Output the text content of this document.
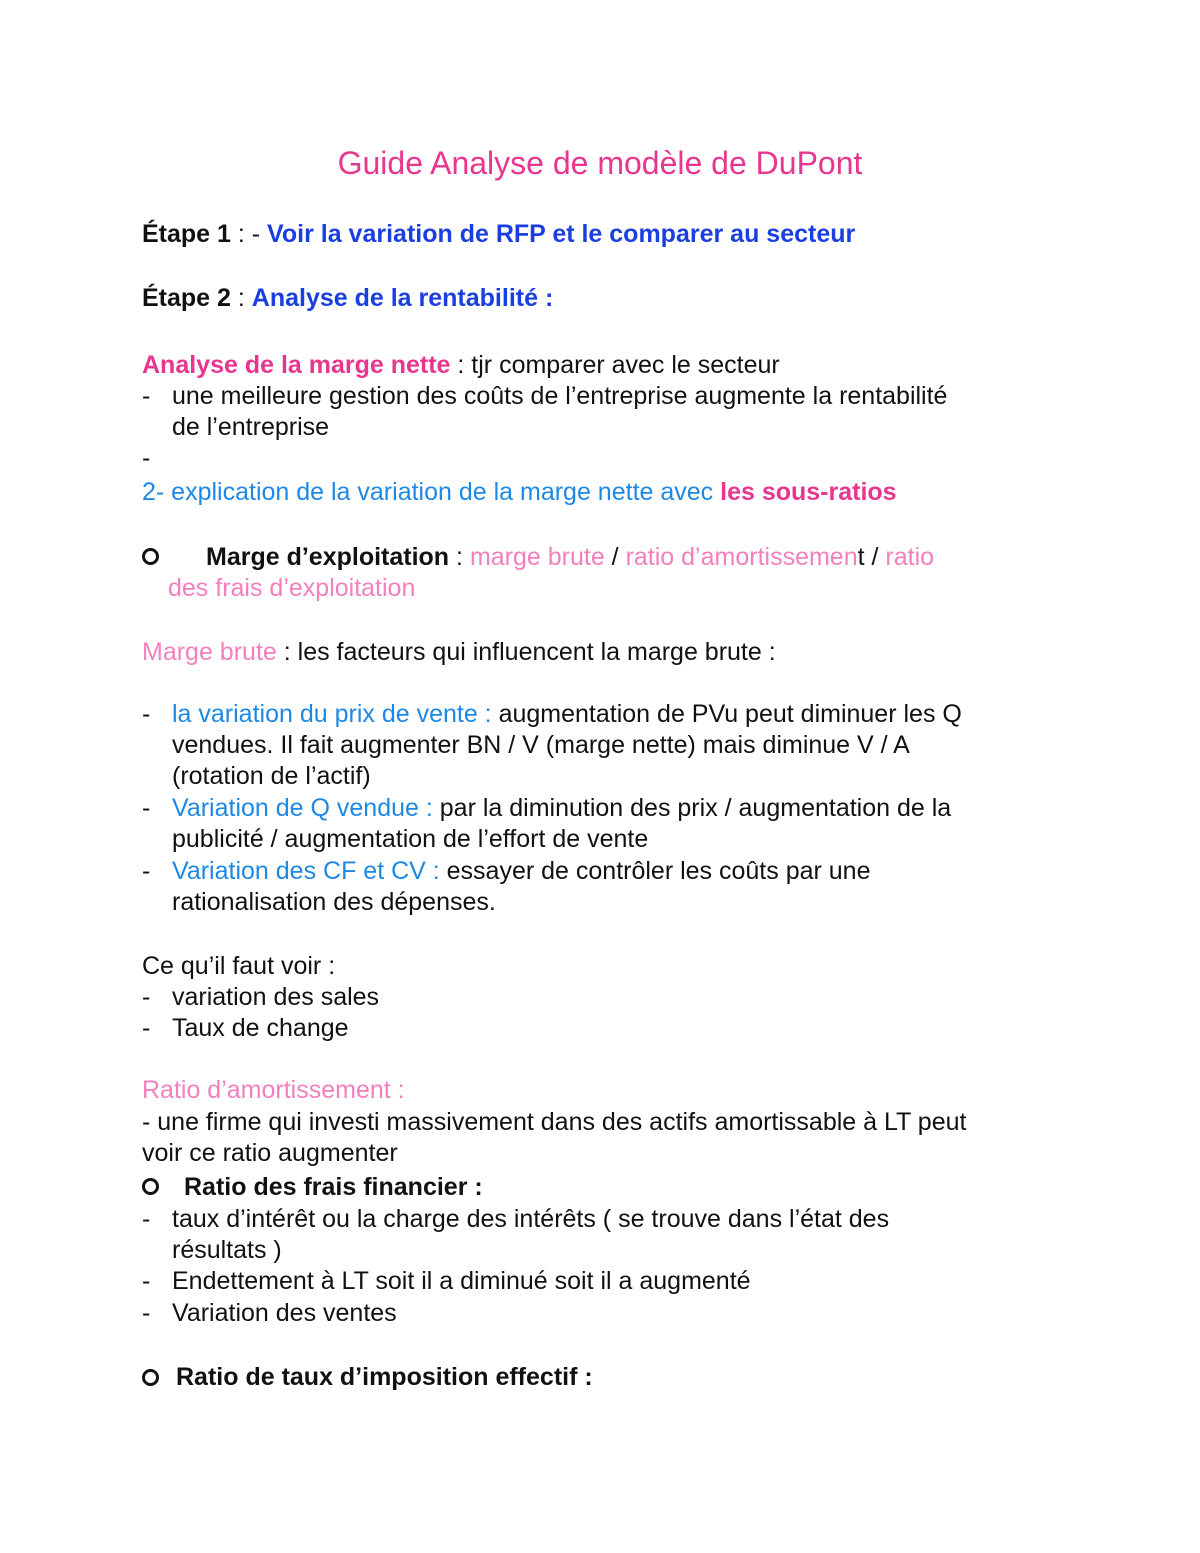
Guide Analyse de modèle de DuPont
Étape 1 : - Voir la variation de RFP et le comparer au secteur
Étape 2 : Analyse de la rentabilité :
Analyse de la marge nette : tjr comparer avec le secteur
- une meilleure gestion des coûts de l’entreprise augmente la rentabilité
de l’entreprise
-
2- explication de la variation de la marge nette avec les sous-ratios
Marge d’exploitation : marge brute / ratio d’amortissement / ratio
des frais d’exploitation
Marge brute : les facteurs qui influencent la marge brute :
- la variation du prix de vente : augmentation de PVu peut diminuer les Q
vendues. Il fait augmenter BN / V (marge nette) mais diminue V / A
(rotation de l’actif)
- Variation de Q vendue : par la diminution des prix / augmentation de la
publicité / augmentation de l’effort de vente
- Variation des CF et CV : essayer de contrôler les coûts par une
rationalisation des dépenses.
Ce qu’il faut voir :
- variation des sales
- Taux de change
Ratio d’amortissement :
- une firme qui investi massivement dans des actifs amortissable à LT peut
voir ce ratio augmenter
Ratio des frais financier :
- taux d’intérêt ou la charge des intérêts ( se trouve dans l’état des
résultats )
- Endettement à LT soit il a diminué soit il a augmenté
- Variation des ventes
Ratio de taux d’imposition effectif :
